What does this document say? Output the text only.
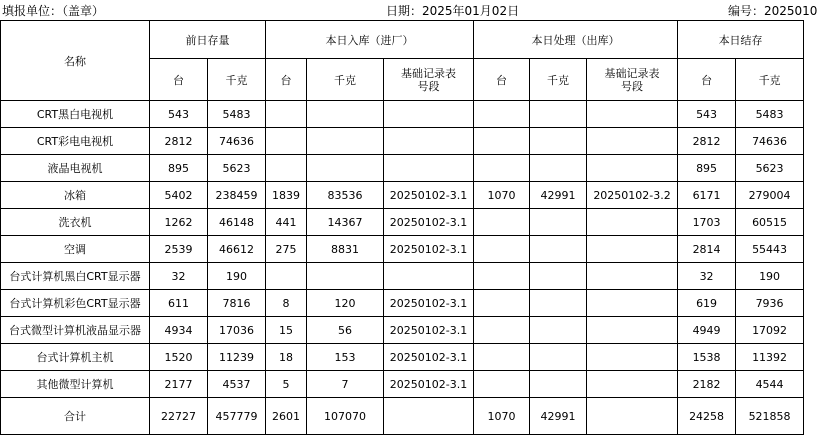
填报单位：（盖章）	日期：2025年01月02日	编号：2025010
名称	前日存量		本日入库（进厂）			本日处理（出库）			本日结存	
	台	千克	台	千克	基础记录表号段	台	千克	基础记录表号段	台	千克
CRT黑白电视机	543	5483							543	5483
CRT彩电电视机	2812	74636							2812	74636
液晶电视机	895	5623							895	5623
冰箱	5402	238459	1839	83536	20250102-3.1	1070	42991	20250102-3.2	6171	279004
洗衣机	1262	46148	441	14367	20250102-3.1				1703	60515
空调	2539	46612	275	8831	20250102-3.1				2814	55443
台式计算机黑白CRT显示器	32	190							32	190
台式计算机彩色CRT显示器	611	7816	8	120	20250102-3.1				619	7936
台式微型计算机液晶显示器	4934	17036	15	56	20250102-3.1				4949	17092
台式计算机主机	1520	11239	18	153	20250102-3.1				1538	11392
其他微型计算机	2177	4537	5	7	20250102-3.1				2182	4544
合计	22727	457779	2601	107070		1070	42991		24258	521858
